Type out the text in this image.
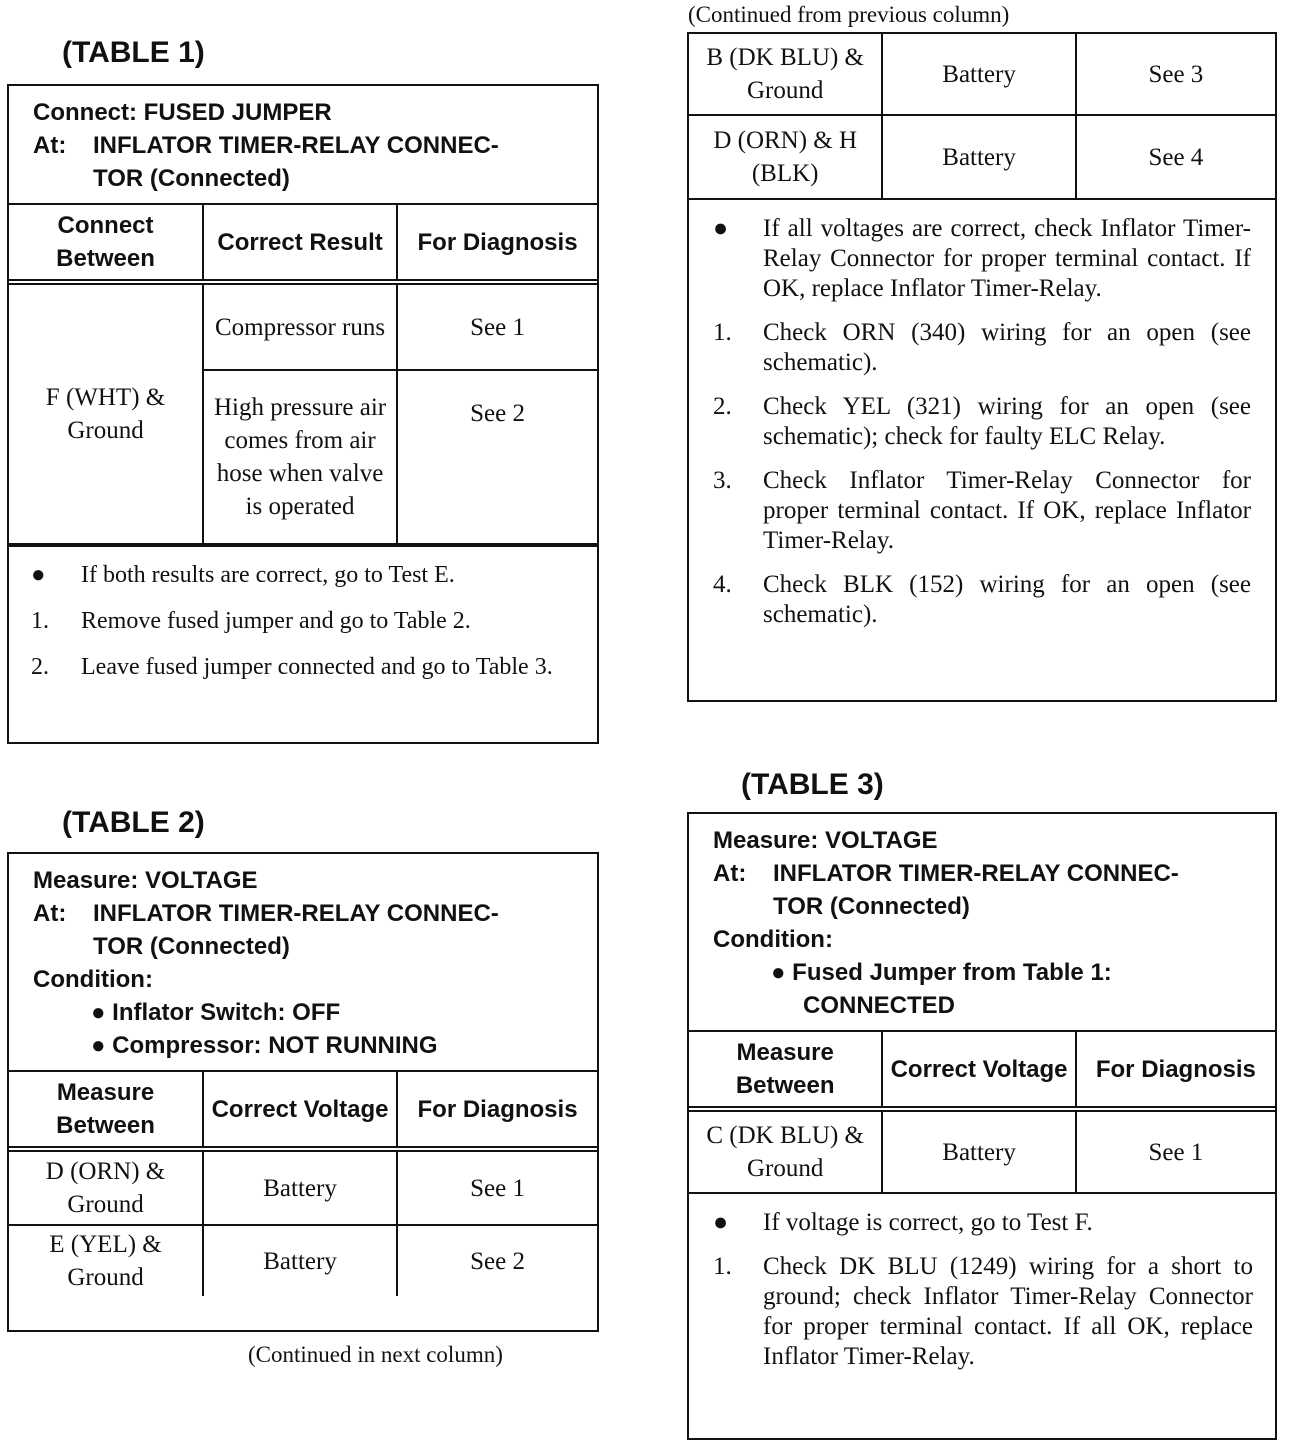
(TABLE 1)
Connect: FUSED JUMPER
At:	INFLATOR TIMER-RELAY CONNEC-
TOR (Connected)
Connect Between	Correct Result	For Diagnosis
F (WHT) & Ground	Compressor runs	See 1
	High pressure air comes from air hose when valve is operated	See 2
●	If both results are correct, go to Test E.
1.	Remove fused jumper and go to Table 2.
2.	Leave fused jumper connected and go to Table 3.
(TABLE 2)
Measure: VOLTAGE
At:	INFLATOR TIMER-RELAY CONNEC-
TOR (Connected)
Condition:
● Inflator Switch: OFF
● Compressor: NOT RUNNING
Measure Between	Correct Voltage	For Diagnosis
D (ORN) & Ground	Battery	See 1
E (YEL) & Ground	Battery	See 2
(Continued in next column)
(Continued from previous column)
B (DK BLU) & Ground	Battery	See 3
D (ORN) & H (BLK)	Battery	See 4
●	If all voltages are correct, check Inflator Timer-Relay Connector for proper terminal contact. If OK, replace Inflator Timer-Relay.
1.	Check ORN (340) wiring for an open (see schematic).
2.	Check YEL (321) wiring for an open (see schematic); check for faulty ELC Relay.
3.	Check Inflator Timer-Relay Connector for proper terminal contact. If OK, replace Inflator Timer-Relay.
4.	Check BLK (152) wiring for an open (see schematic).
(TABLE 3)
Measure: VOLTAGE
At:	INFLATOR TIMER-RELAY CONNEC-
TOR (Connected)
Condition:
● Fused Jumper from Table 1:
CONNECTED
Measure Between	Correct Voltage	For Diagnosis
C (DK BLU) & Ground	Battery	See 1
●	If voltage is correct, go to Test F.
1.	Check DK BLU (1249) wiring for a short to ground; check Inflator Timer-Relay Connector for proper terminal contact. If all OK, replace Inflator Timer-Relay.
